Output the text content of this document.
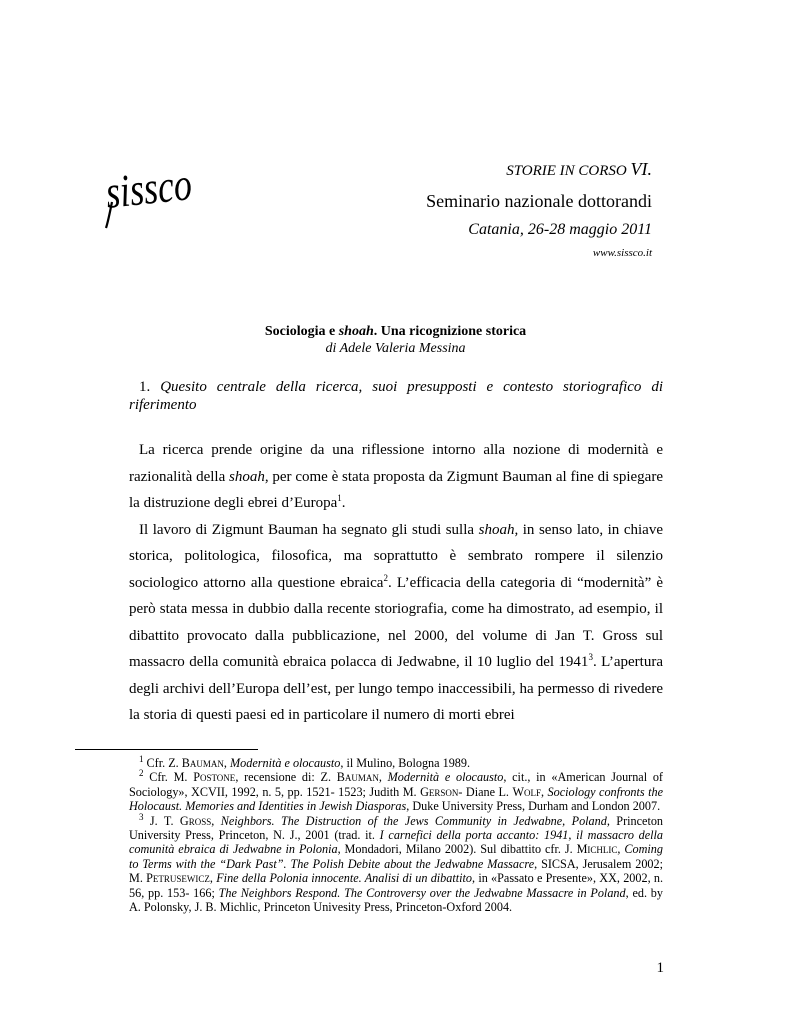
sissco	STORIE IN CORSO VI.
Seminario nazionale dottorandi
Catania, 26-28 maggio 2011
www.sissco.it
Sociologia e shoah. Una ricognizione storica
di Adele Valeria Messina
1. Quesito centrale della ricerca, suoi presupposti e contesto storiografico di riferimento

La ricerca prende origine da una riflessione intorno alla nozione di modernità e razionalità della shoah, per come è stata proposta da Zigmunt Bauman al fine di spiegare la distruzione degli ebrei d’Europa$^1$.

Il lavoro di Zigmunt Bauman ha segnato gli studi sulla shoah, in senso lato, in chiave storica, politologica, filosofica, ma soprattutto è sembrato rompere il silenzio sociologico attorno alla questione ebraica$^2$. L’efficacia della categoria di “modernità” è però stata messa in dubbio dalla recente storiografia, come ha dimostrato, ad esempio, il dibattito provocato dalla pubblicazione, nel 2000, del volume di Jan T. Gross sul massacro della comunità ebraica polacca di Jedwabne, il 10 luglio del 1941$^3$. L’apertura degli archivi dell’Europa dell’est, per lungo tempo inaccessibili, ha permesso di rivedere la storia di questi paesi ed in particolare il numero di morti ebrei

$^1$ Cfr. Z. Bauman, Modernità e olocausto, il Mulino, Bologna 1989.

$^2$ Cfr. M. Postone, recensione di: Z. Bauman, Modernità e olocausto, cit., in «American Journal of Sociology», XCVII, 1992, n. 5, pp. 1521- 1523; Judith M. Gerson- Diane L. Wolf, Sociology confronts the Holocaust. Memories and Identities in Jewish Diasporas, Duke University Press, Durham and London 2007.

$^3$ J. T. Gross, Neighbors. The Distruction of the Jews Community in Jedwabne, Poland, Princeton University Press, Princeton, N. J., 2001 (trad. it. I carnefici della porta accanto: 1941, il massacro della comunità ebraica di Jedwabne in Polonia, Mondadori, Milano 2002). Sul dibattito cfr. J. Michlic, Coming to Terms with the “Dark Past”. The Polish Debite about the Jedwabne Massacre, SICSA, Jerusalem 2002; M. Petrusewicz, Fine della Polonia innocente. Analisi di un dibattito, in «Passato e Presente», XX, 2002, n. 56, pp. 153- 166; The Neighbors Respond. The Controversy over the Jedwabne Massacre in Poland, ed. by A. Polonsky, J. B. Michlic, Princeton Univesity Press, Princeton-Oxford 2004.

1
